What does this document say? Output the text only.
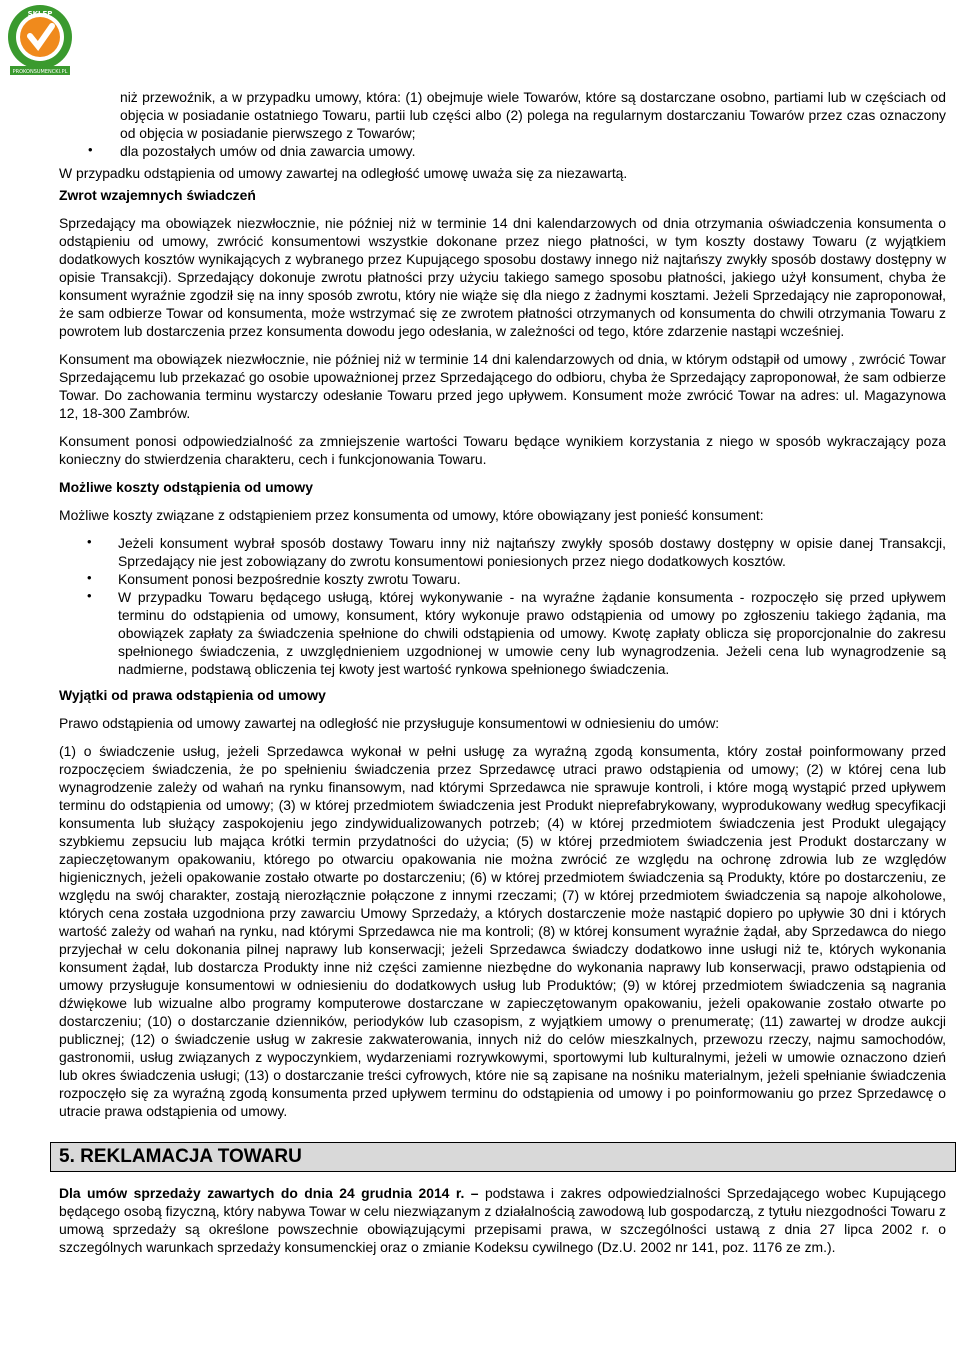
SKLEP
PROKONSUMENCKI.PL

niż przewoźnik, a w przypadku umowy, która: (1) obejmuje wiele Towarów, które są dostarczane osobno, partiami lub w częściach od objęcia w posiadanie ostatniego Towaru, partii lub części albo (2) polega na regularnym dostarczaniu Towarów przez czas oznaczony od objęcia w posiadanie pierwszego z Towarów;

• dla pozostałych umów od dnia zawarcia umowy.

W przypadku odstąpienia od umowy zawartej na odległość umowę uważa się za niezawartą.

Zwrot wzajemnych świadczeń

Sprzedający ma obowiązek niezwłocznie, nie później niż w terminie 14 dni kalendarzowych od dnia otrzymania oświadczenia konsumenta o odstąpieniu od umowy, zwrócić konsumentowi wszystkie dokonane przez niego płatności, w tym koszty dostawy Towaru (z wyjątkiem dodatkowych kosztów wynikających z wybranego przez Kupującego sposobu dostawy innego niż najtańszy zwykły sposób dostawy dostępny w opisie Transakcji). Sprzedający dokonuje zwrotu płatności przy użyciu takiego samego sposobu płatności, jakiego użył konsument, chyba że konsument wyraźnie zgodził się na inny sposób zwrotu, który nie wiąże się dla niego z żadnymi kosztami. Jeżeli Sprzedający nie zaproponował, że sam odbierze Towar od konsumenta, może wstrzymać się ze zwrotem płatności otrzymanych od konsumenta do chwili otrzymania Towaru z powrotem lub dostarczenia przez konsumenta dowodu jego odesłania, w zależności od tego, które zdarzenie nastąpi wcześniej.

Konsument ma obowiązek niezwłocznie, nie później niż w terminie 14 dni kalendarzowych od dnia, w którym odstąpił od umowy , zwrócić Towar Sprzedającemu lub przekazać go osobie upoważnionej przez Sprzedającego do odbioru, chyba że Sprzedający zaproponował, że sam odbierze Towar. Do zachowania terminu wystarczy odesłanie Towaru przed jego upływem. Konsument może zwrócić Towar na adres: ul. Magazynowa 12, 18-300 Zambrów.

Konsument ponosi odpowiedzialność za zmniejszenie wartości Towaru będące wynikiem korzystania z niego w sposób wykraczający poza konieczny do stwierdzenia charakteru, cech i funkcjonowania Towaru.

Możliwe koszty odstąpienia od umowy

Możliwe koszty związane z odstąpieniem przez konsumenta od umowy, które obowiązany jest ponieść konsument:

• Jeżeli konsument wybrał sposób dostawy Towaru inny niż najtańszy zwykły sposób dostawy dostępny w opisie danej Transakcji, Sprzedający nie jest zobowiązany do zwrotu konsumentowi poniesionych przez niego dodatkowych kosztów.

• Konsument ponosi bezpośrednie koszty zwrotu Towaru.

• W przypadku Towaru będącego usługą, której wykonywanie - na wyraźne żądanie konsumenta - rozpoczęło się przed upływem terminu do odstąpienia od umowy, konsument, który wykonuje prawo odstąpienia od umowy po zgłoszeniu takiego żądania, ma obowiązek zapłaty za świadczenia spełnione do chwili odstąpienia od umowy. Kwotę zapłaty oblicza się proporcjonalnie do zakresu spełnionego świadczenia, z uwzględnieniem uzgodnionej w umowie ceny lub wynagrodzenia. Jeżeli cena lub wynagrodzenie są nadmierne, podstawą obliczenia tej kwoty jest wartość rynkowa spełnionego świadczenia.

Wyjątki od prawa odstąpienia od umowy

Prawo odstąpienia od umowy zawartej na odległość nie przysługuje konsumentowi w odniesieniu do umów:

(1) o świadczenie usług, jeżeli Sprzedawca wykonał w pełni usługę za wyraźną zgodą konsumenta, który został poinformowany przed rozpoczęciem świadczenia, że po spełnieniu świadczenia przez Sprzedawcę utraci prawo odstąpienia od umowy; (2) w której cena lub wynagrodzenie zależy od wahań na rynku finansowym, nad którymi Sprzedawca nie sprawuje kontroli, i które mogą wystąpić przed upływem terminu do odstąpienia od umowy; (3) w której przedmiotem świadczenia jest Produkt nieprefabrykowany, wyprodukowany według specyfikacji konsumenta lub służący zaspokojeniu jego zindywidualizowanych potrzeb; (4) w której przedmiotem świadczenia jest Produkt ulegający szybkiemu zepsuciu lub mająca krótki termin przydatności do użycia; (5) w której przedmiotem świadczenia jest Produkt dostarczany w zapieczętowanym opakowaniu, którego po otwarciu opakowania nie można zwrócić ze względu na ochronę zdrowia lub ze względów higienicznych, jeżeli opakowanie zostało otwarte po dostarczeniu; (6) w której przedmiotem świadczenia są Produkty, które po dostarczeniu, ze względu na swój charakter, zostają nierozłącznie połączone z innymi rzeczami; (7) w której przedmiotem świadczenia są napoje alkoholowe, których cena została uzgodniona przy zawarciu Umowy Sprzedaży, a których dostarczenie może nastąpić dopiero po upływie 30 dni i których wartość zależy od wahań na rynku, nad którymi Sprzedawca nie ma kontroli; (8) w której konsument wyraźnie żądał, aby Sprzedawca do niego przyjechał w celu dokonania pilnej naprawy lub konserwacji; jeżeli Sprzedawca świadczy dodatkowo inne usługi niż te, których wykonania konsument żądał, lub dostarcza Produkty inne niż części zamienne niezbędne do wykonania naprawy lub konserwacji, prawo odstąpienia od umowy przysługuje konsumentowi w odniesieniu do dodatkowych usług lub Produktów; (9) w której przedmiotem świadczenia są nagrania dźwiękowe lub wizualne albo programy komputerowe dostarczane w zapieczętowanym opakowaniu, jeżeli opakowanie zostało otwarte po dostarczeniu; (10) o dostarczanie dzienników, periodyków lub czasopism, z wyjątkiem umowy o prenumeratę; (11) zawartej w drodze aukcji publicznej; (12) o świadczenie usług w zakresie zakwaterowania, innych niż do celów mieszkalnych, przewozu rzeczy, najmu samochodów, gastronomii, usług związanych z wypoczynkiem, wydarzeniami rozrywkowymi, sportowymi lub kulturalnymi, jeżeli w umowie oznaczono dzień lub okres świadczenia usługi; (13) o dostarczanie treści cyfrowych, które nie są zapisane na nośniku materialnym, jeżeli spełnianie świadczenia rozpoczęło się za wyraźną zgodą konsumenta przed upływem terminu do odstąpienia od umowy i po poinformowaniu go przez Sprzedawcę o utracie prawa odstąpienia od umowy.

5. REKLAMACJA TOWARU

Dla umów sprzedaży zawartych do dnia 24 grudnia 2014 r. – podstawa i zakres odpowiedzialności Sprzedającego wobec Kupującego będącego osobą fizyczną, który nabywa Towar w celu niezwiązanym z działalnością zawodową lub gospodarczą, z tytułu niezgodności Towaru z umową sprzedaży są określone powszechnie obowiązującymi przepisami prawa, w szczególności ustawą z dnia 27 lipca 2002 r. o szczególnych warunkach sprzedaży konsumenckiej oraz o zmianie Kodeksu cywilnego (Dz.U. 2002 nr 141, poz. 1176 ze zm.).
